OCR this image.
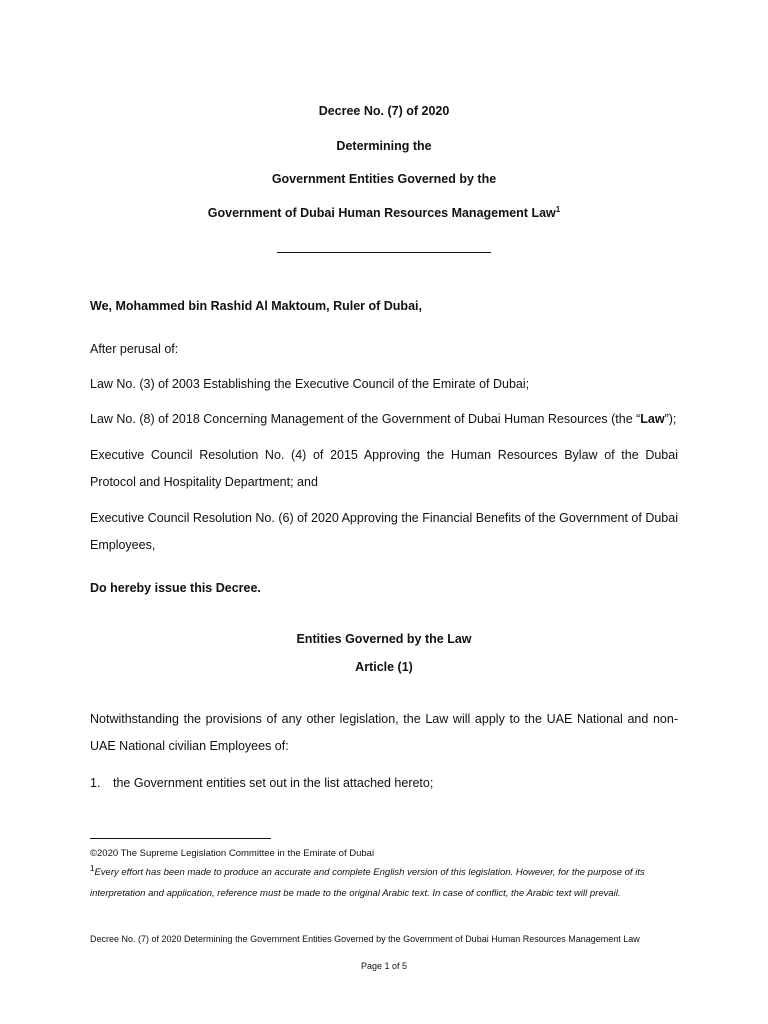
Decree No. (7) of 2020
Determining the
Government Entities Governed by the
Government of Dubai Human Resources Management Law$^1$
We, Mohammed bin Rashid Al Maktoum, Ruler of Dubai,
After perusal of:
Law No. (3) of 2003 Establishing the Executive Council of the Emirate of Dubai;
Law No. (8) of 2018 Concerning Management of the Government of Dubai Human Resources (the “Law”);
Executive Council Resolution No. (4) of 2015 Approving the Human Resources Bylaw of the Dubai Protocol and Hospitality Department; and
Executive Council Resolution No. (6) of 2020 Approving the Financial Benefits of the Government of Dubai Employees,
Do hereby issue this Decree.
Entities Governed by the Law
Article (1)
Notwithstanding the provisions of any other legislation, the Law will apply to the UAE National and non-UAE National civilian Employees of:
1. the Government entities set out in the list attached hereto;
©2020 The Supreme Legislation Committee in the Emirate of Dubai
$^1$Every effort has been made to produce an accurate and complete English version of this legislation. However, for the purpose of its interpretation and application, reference must be made to the original Arabic text. In case of conflict, the Arabic text will prevail.
Decree No. (7) of 2020 Determining the Government Entities Governed by the Government of Dubai Human Resources Management Law
Page 1 of 5
